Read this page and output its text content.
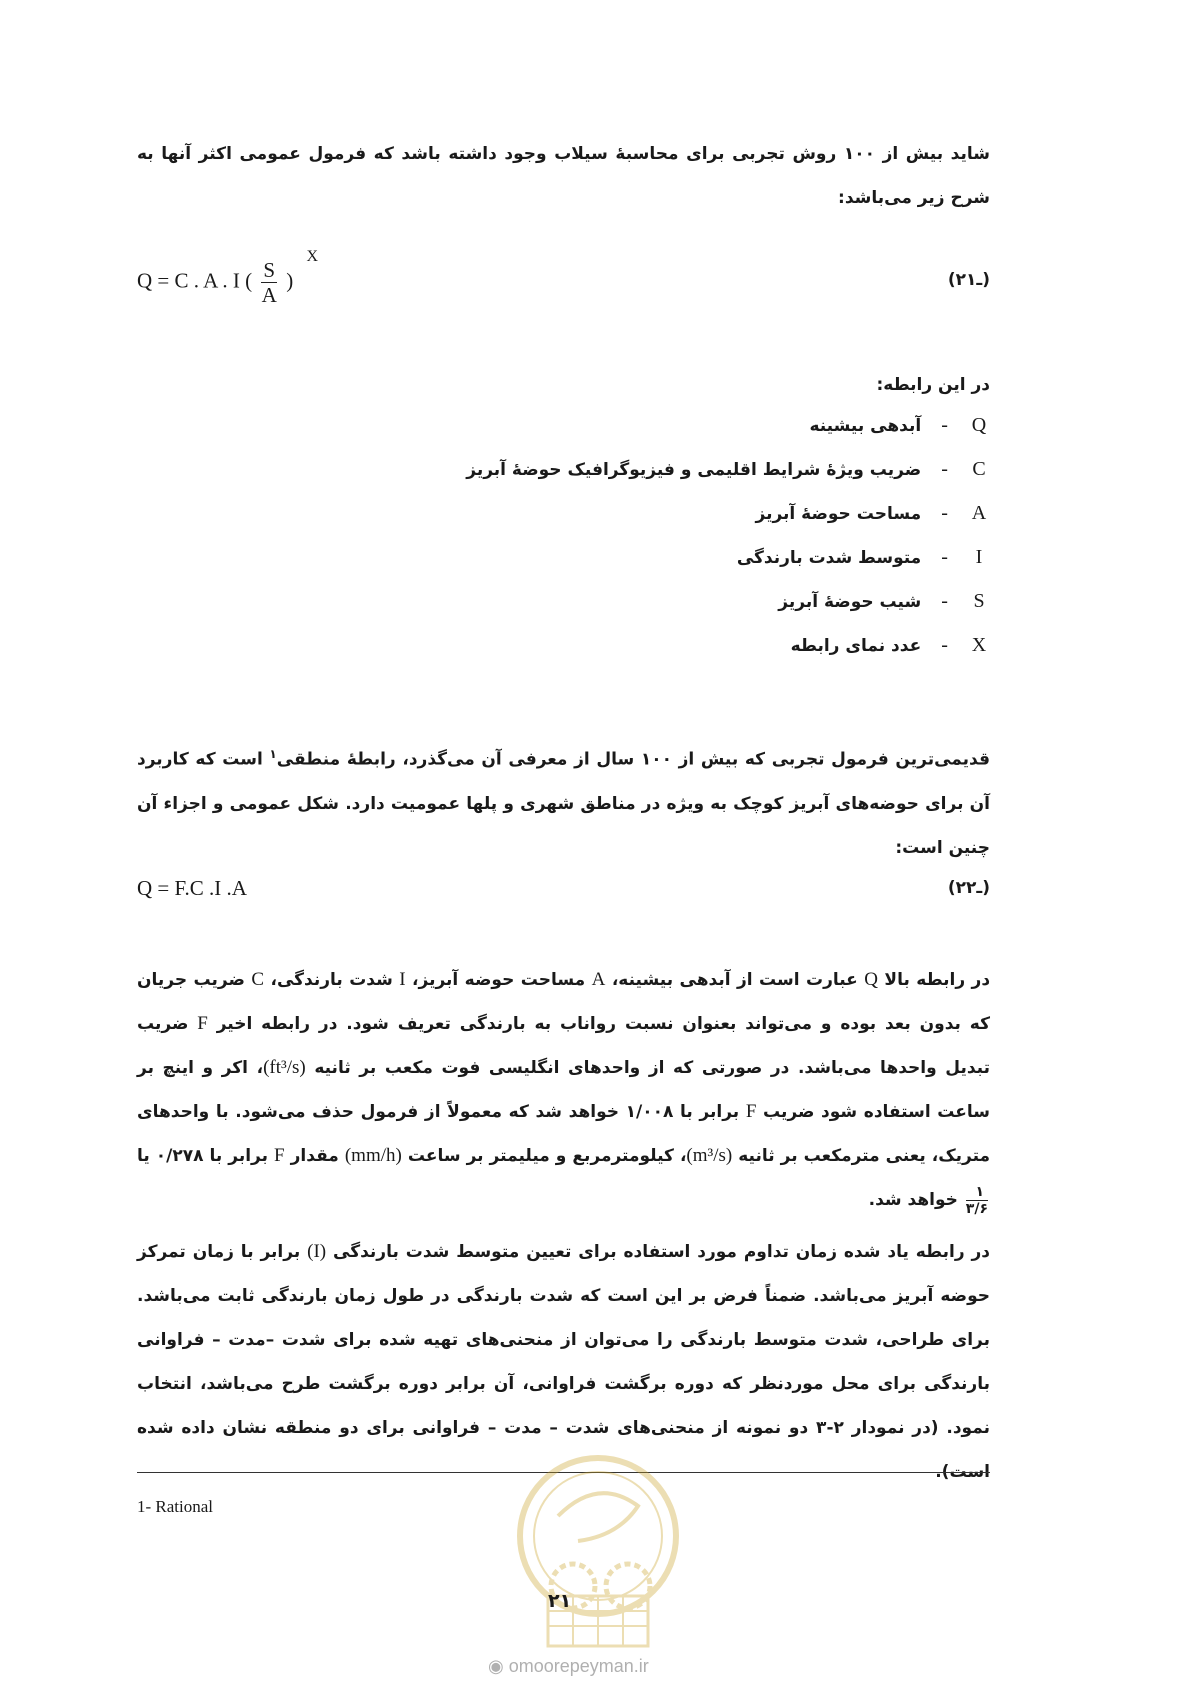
شاید بیش از ۱۰۰ روش تجربی برای محاسبهٔ سیلاب وجود داشته باشد که فرمول عمومی اکثر آنها به شرح زیر می‌باشد:

Q = C . A . I ( $\frac{S}{A}$ ) $^X$
(۲ـ۱)
در این رابطه:
آبدهی بیشینه - Q
ضریب ویژهٔ شرایط اقلیمی و فیزیوگرافیک حوضهٔ آبریز - C
مساحت حوضهٔ آبریز - A
متوسط شدت بارندگی - I
شیب حوضهٔ آبریز - S
عدد نمای رابطه - X

قدیمی‌ترین فرمول تجربی که بیش از ۱۰۰ سال از معرفی آن می‌گذرد، رابطهٔ منطقی$^۱$ است که کاربرد آن برای حوضه‌های آبریز کوچک به ویژه در مناطق شهری و پلها عمومیت دارد. شکل عمومی و اجزاء آن چنین است:

Q = F.C .I .A	(۲ـ۲)

در رابطه بالا Q عبارت است از آبدهی بیشینه، A مساحت حوضه آبریز، I شدت بارندگی، C ضریب جریان که بدون بعد بوده و می‌تواند بعنوان نسبت رواناب به بارندگی تعریف شود. در رابطه اخیر F ضریب تبدیل واحدها می‌باشد. در صورتی که از واحدهای انگلیسی فوت مکعب بر ثانیه (ft³/s)، اکر و اینچ بر ساعت استفاده شود ضریب F برابر با ۱/۰۰۸ خواهد شد که معمولاً از فرمول حذف می‌شود. با واحدهای متریک، یعنی مترمکعب بر ثانیه (m³/s)، کیلومترمربع و میلیمتر بر ساعت (mm/h) مقدار F برابر با ۰/۲۷۸ یا
$\frac{۱}{۳/۶}$
خواهد شد.

در رابطه یاد شده زمان تداوم مورد استفاده برای تعیین متوسط شدت بارندگی (I) برابر با زمان تمرکز حوضه آبریز می‌باشد. ضمناً فرض بر این است که شدت بارندگی در طول زمان بارندگی ثابت می‌باشد. برای طراحی، شدت متوسط بارندگی را می‌توان از منحنی‌های تهیه شده برای شدت –مدت – فراوانی بارندگی برای محل موردنظر که دوره برگشت فراوانی، آن برابر دوره برگشت طرح می‌باشد، انتخاب نمود. (در نمودار ۲-۳ دو نمونه از منحنی‌های شدت – مدت – فراوانی برای دو منطقه نشان داده شده است).

1- Rational
۲۱
◉ omoorepeyman.ir
